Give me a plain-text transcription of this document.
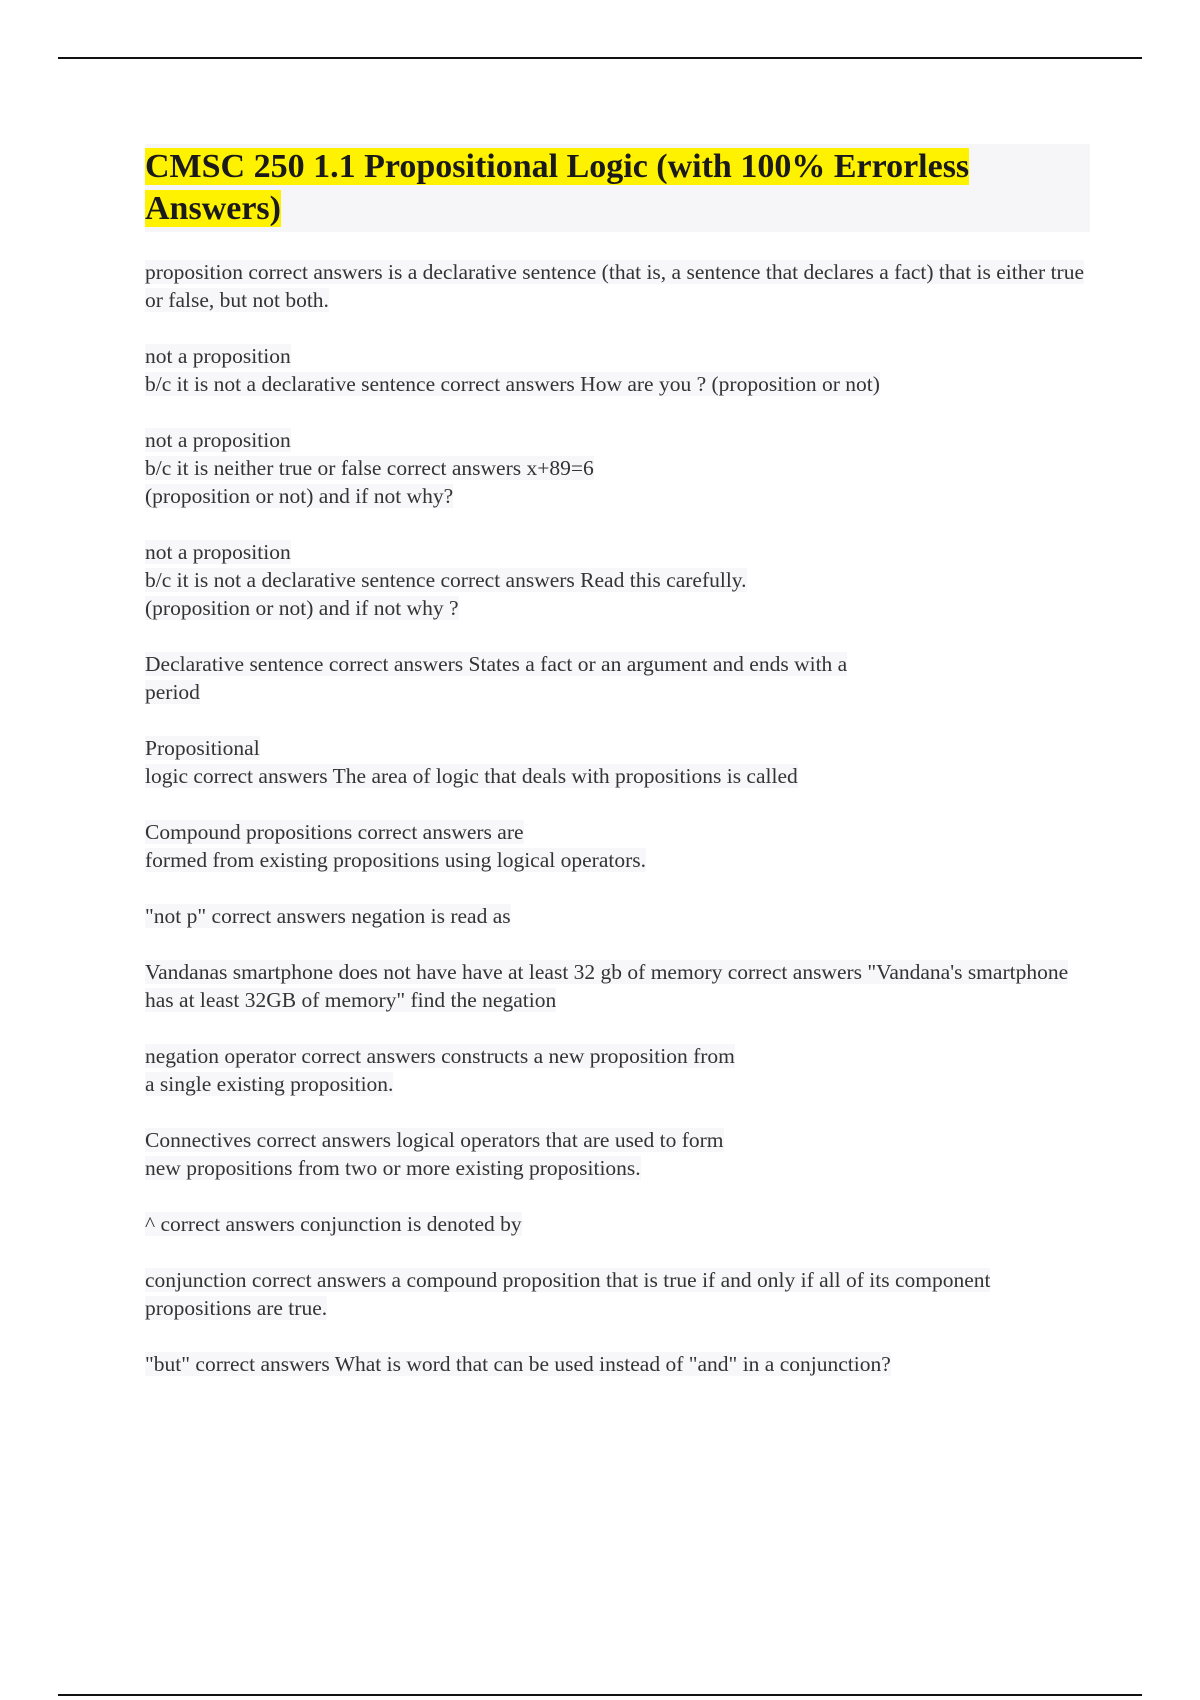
CMSC 250 1.1 Propositional Logic (with 100% Errorless Answers)

proposition correct answers is a declarative sentence (that is, a sentence that declares a fact) that is either true
or false, but not both.

not a proposition
b/c it is not a declarative sentence correct answers How are you ? (proposition or not)

not a proposition
b/c it is neither true or false correct answers x+89=6
(proposition or not) and if not why?

not a proposition
b/c it is not a declarative sentence correct answers Read this carefully.
(proposition or not) and if not why ?

Declarative sentence correct answers States a fact or an argument and ends with a
period

Propositional
logic correct answers The area of logic that deals with propositions is called

Compound propositions correct answers are
formed from existing propositions using logical operators.

"not p" correct answers negation is read as

Vandanas smartphone does not have have at least 32 gb of memory correct answers "Vandana's smartphone has at least 32GB of memory" find the negation

negation operator correct answers constructs a new proposition from
a single existing proposition.

Connectives correct answers logical operators that are used to form
new propositions from two or more existing propositions.

^ correct answers conjunction is denoted by

conjunction correct answers a compound proposition that is true if and only if all of its component propositions are true.

"but" correct answers What is word that can be used instead of "and" in a conjunction?
